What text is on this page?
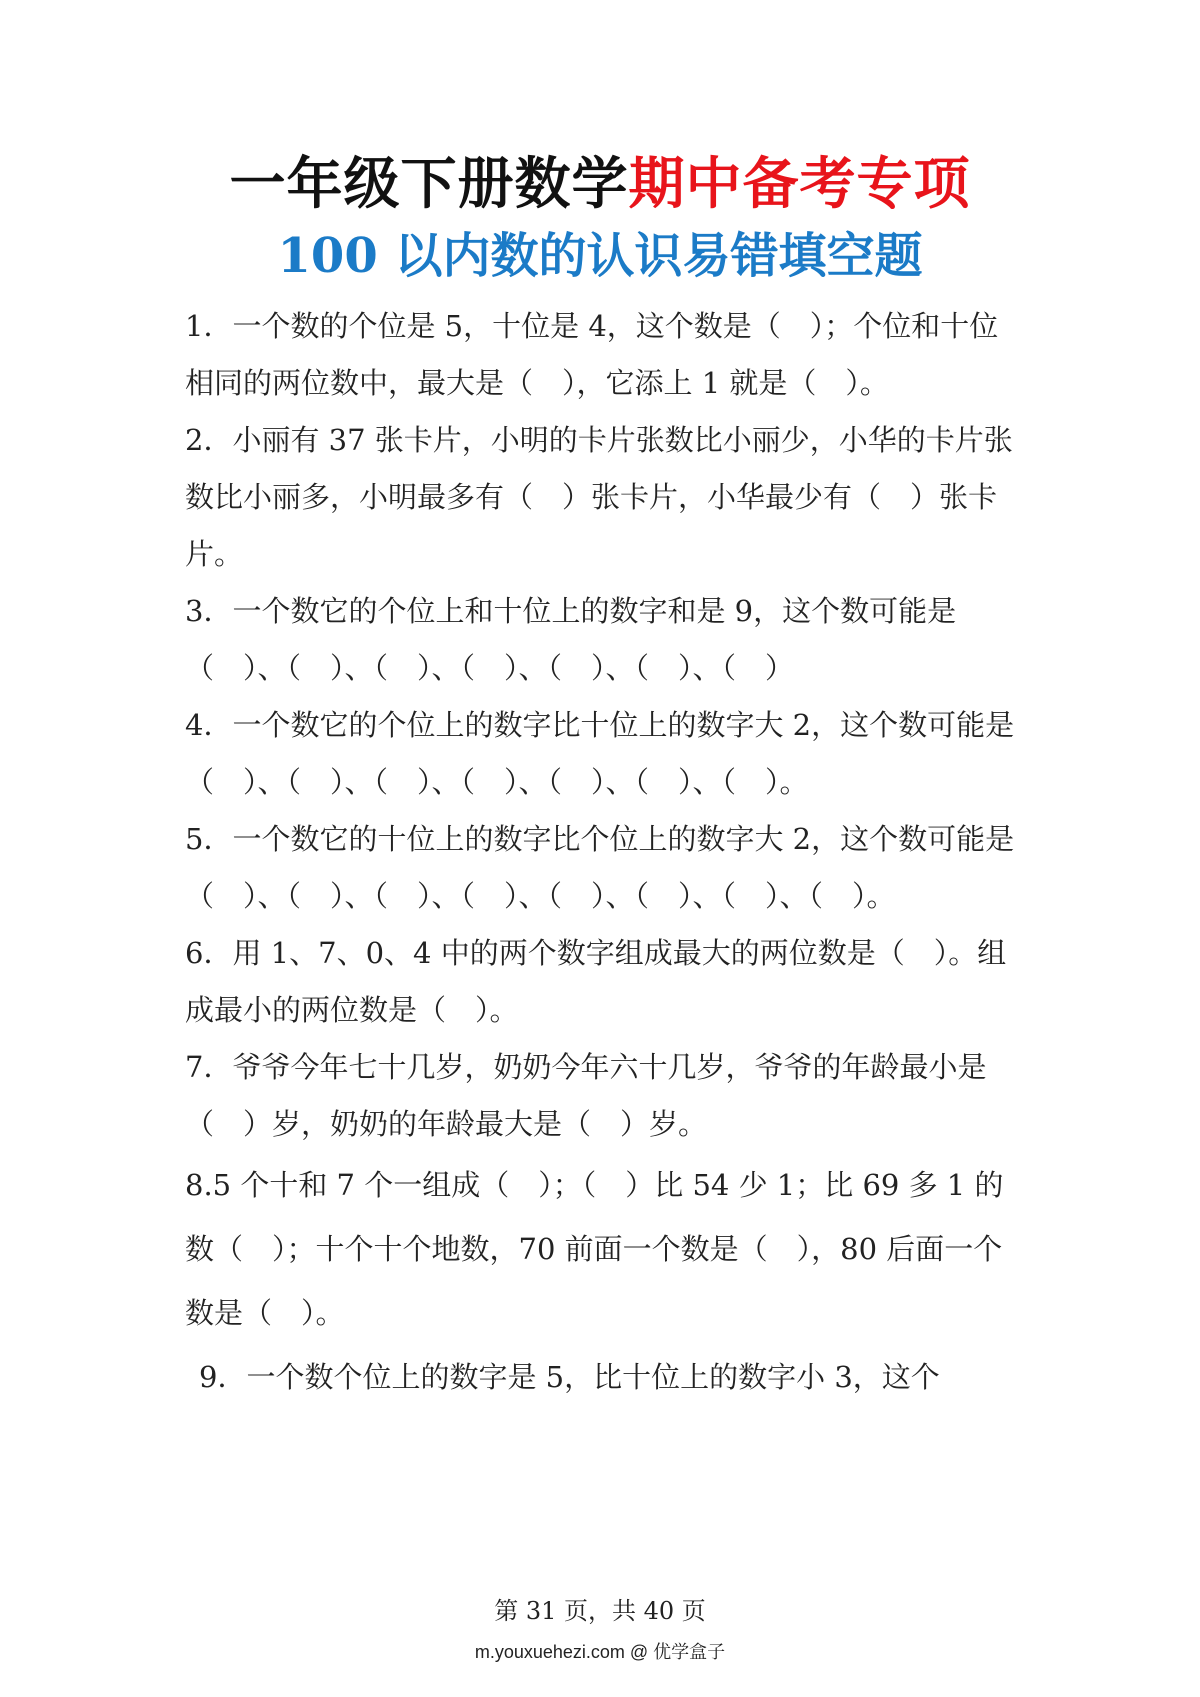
一年级下册数学期中备考专项
100 以内数的认识易错填空题

1．一个数的个位是 5，十位是 4，这个数是（　）；个位和十位相同的两位数中，最大是（　），它添上 1 就是（　）。

2．小丽有 37 张卡片，小明的卡片张数比小丽少，小华的卡片张数比小丽多，小明最多有（　）张卡片，小华最少有（　）张卡片。

3．一个数它的个位上和十位上的数字和是 9，这个数可能是（　）、（　）、（　）、（　）、（　）、（　）、（　）

4．一个数它的个位上的数字比十位上的数字大 2，这个数可能是（　）、（　）、（　）、（　）、（　）、（　）、（　）。

5．一个数它的十位上的数字比个位上的数字大 2，这个数可能是（　）、（　）、（　）、（　）、（　）、（　）、（　）、（　）。

6．用 1、7、0、4 中的两个数字组成最大的两位数是（　）。组成最小的两位数是（　）。

7．爷爷今年七十几岁，奶奶今年六十几岁，爷爷的年龄最小是（　）岁，奶奶的年龄最大是（　）岁。

8.5 个十和 7 个一组成（　）；（　）比 54 少 1；比 69 多 1 的数（　）；十个十个地数，70 前面一个数是（　），80 后面一个数是（　）。

9．一个数个位上的数字是 5，比十位上的数字小 3，这个

第 31 页，共 40 页
m.youxuehezi.com @ 优学盒子
